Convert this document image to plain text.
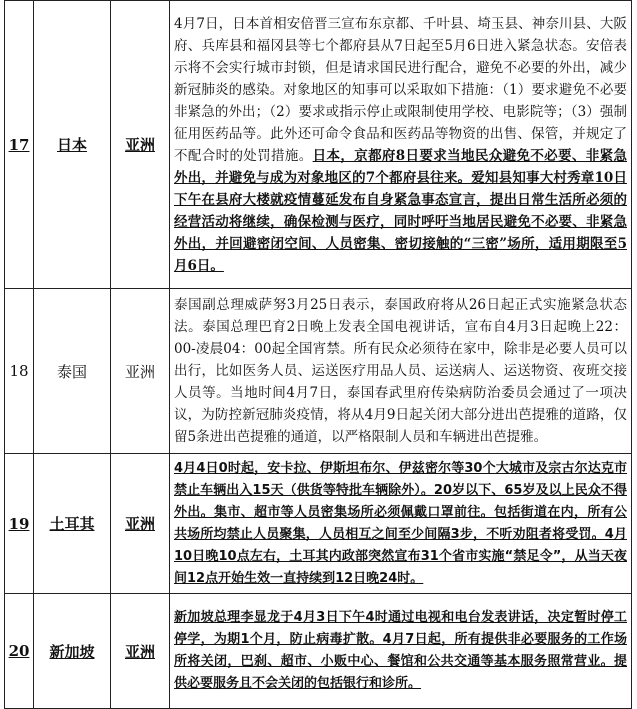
17	日本	亚洲	4月7日，日本首相安倍晋三宣布东京都、千叶县、埼玉县、神奈川县、大阪府、兵库县和福冈县等七个都府县从7日起至5月6日进入紧急状态。安倍表示将不会实行城市封锁，但是请求国民进行配合，避免不必要的外出，减少新冠肺炎的感染。对象地区的知事可以采取如下措施：（1）要求避免不必要非紧急的外出；（2）要求或指示停止或限制使用学校、电影院等；（3）强制征用医药品等。此外还可命令食品和医药品等物资的出售、保管，并规定了不配合时的处罚措施。日本，京都府8日要求当地民众避免不必要、非紧急外出，并避免与成为对象地区的7个都府县往来。爱知县知事大村秀章10日下午在县府大楼就疫情蔓延发布自身紧急事态宣言，提出日常生活所必须的经营活动将继续，确保检测与医疗，同时呼吁当地居民避免不必要、非紧急外出，并回避密闭空间、人员密集、密切接触的“三密”场所，适用期限至5月6日。
18	泰国	亚洲	泰国副总理威萨努3月25日表示，泰国政府将从26日起正式实施紧急状态法。泰国总理巴育2日晚上发表全国电视讲话，宣布自4月3日起晚上22：00-凌晨04：00起全国宵禁。所有民众必须待在家中，除非是必要人员可以出行，比如医务人员、运送医疗用品人员、运送病人、运送物资、夜班交接人员等。当地时间4月7日，泰国春武里府传染病防治委员会通过了一项决议，为防控新冠肺炎疫情，将从4月9日起关闭大部分进出芭提雅的道路，仅留5条进出芭提雅的通道，以严格限制人员和车辆进出芭提雅。
19	土耳其	亚洲	4月4日0时起，安卡拉、伊斯坦布尔、伊兹密尔等30个大城市及宗古尔达克市禁止车辆出入15天（供货等特批车辆除外）。20岁以下、65岁及以上民众不得外出。集市、超市等人员密集场所必须佩戴口罩前往。包括街道在内，所有公共场所均禁止人员聚集，人员相互之间至少间隔3步，不听劝阻者将受罚。4月10日晚10点左右，土耳其内政部突然宣布31个省市实施“禁足令”，从当天夜间12点开始生效一直持续到12日晚24时。
20	新加坡	亚洲	新加坡总理李显龙于4月3日下午4时通过电视和电台发表讲话，决定暂时停工停学，为期1个月，防止病毒扩散。4月7日起，所有提供非必要服务的工作场所将关闭，巴刹、超市、小贩中心、餐馆和公共交通等基本服务照常营业。提供必要服务且不会关闭的包括银行和诊所。
